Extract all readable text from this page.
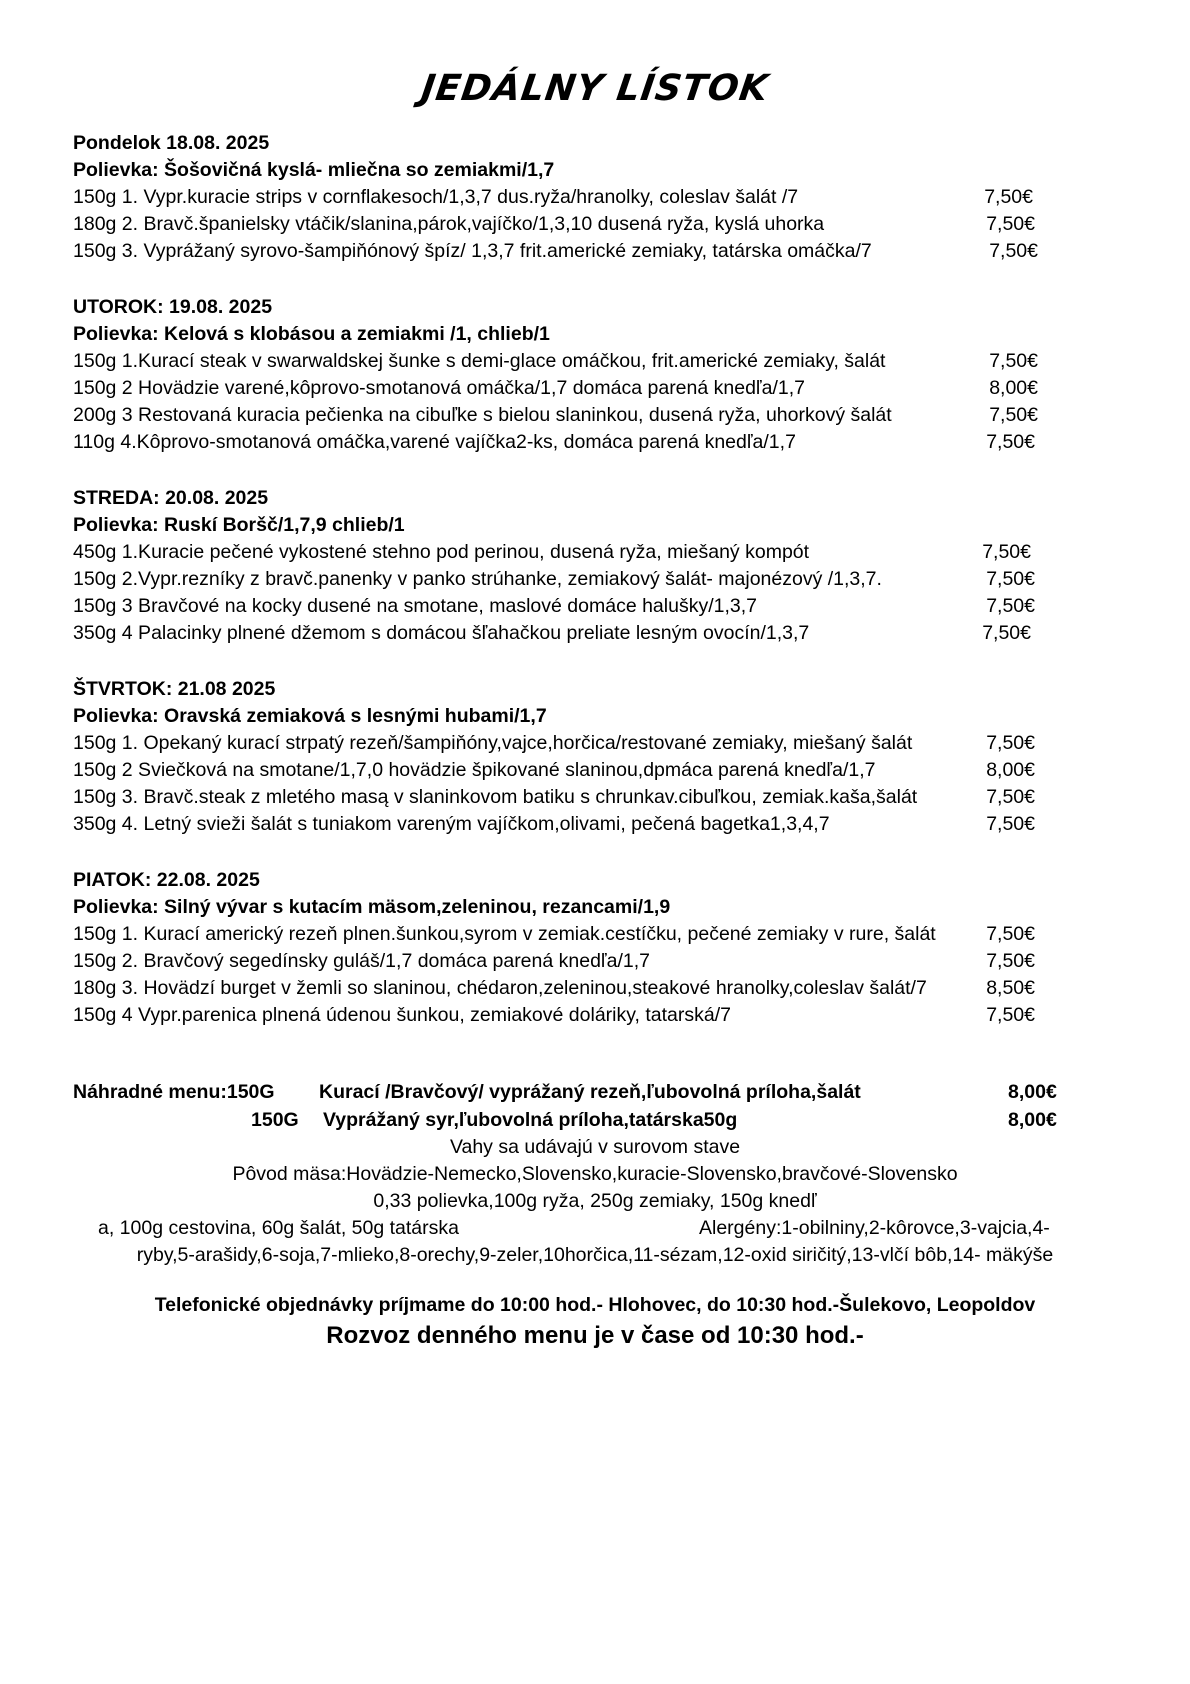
JEDÁLNY LÍSTOK
Pondelok 18.08. 2025
Polievka: Šošovičná kyslá- mliečna so zemiakmi/1,7
150g 1. Vypr.kuracie strips v cornflakesoch/1,3,7 dus.ryža/hranolky, coleslav šalát /7	7,50€
180g 2. Bravč.španielsky vtáčik/slanina,párok,vajíčko/1,3,10 dusená ryža, kyslá uhorka	7,50€
150g 3. Vyprážaný syrovo-šampiňónový špíz/ 1,3,7 frit.americké zemiaky, tatárska omáčka/7	7,50€
UTOROK: 19.08. 2025
Polievka: Kelová s klobásou a zemiakmi /1, chlieb/1
150g 1.Kurací steak v swarwaldskej šunke s demi-glace omáčkou, frit.americké zemiaky, šalát	7,50€
150g 2 Hovädzie varené,kôprovo-smotanová omáčka/1,7 domáca parená knedľa/1,7	8,00€
200g 3 Restovaná kuracia pečienka na cibuľke s bielou slaninkou, dusená ryža, uhorkový šalát	7,50€
110g 4.Kôprovo-smotanová omáčka,varené vajíčka2-ks, domáca parená knedľa/1,7	7,50€
STREDA: 20.08. 2025
Polievka: Ruskí Boršč/1,7,9 chlieb/1
450g 1.Kuracie pečené vykostené stehno pod perinou, dusená ryža, miešaný kompót	7,50€
150g 2.Vypr.rezníky z bravč.panenky v panko strúhanke, zemiakový šalát- majonézový /1,3,7.	7,50€
150g 3 Bravčové na kocky dusené na smotane, maslové domáce halušky/1,3,7	7,50€
350g 4 Palacinky plnené džemom s domácou šľahačkou preliate lesným ovocín/1,3,7	7,50€
ŠTVRTOK: 21.08 2025
Polievka: Oravská zemiaková s lesnými hubami/1,7
150g 1. Opekaný kurací strpatý rezeň/šampiňóny,vajce,horčica/restované zemiaky, miešaný šalát	7,50€
150g 2 Sviečková na smotane/1,7,0 hovädzie špikované slaninou,dpmáca parená knedľa/1,7	8,00€
150g 3. Bravč.steak z mletého masą v slaninkovom batiku s chrunkav.cibuľkou, zemiak.kaša,šalát	7,50€
350g 4. Letný svieži šalát s tuniakom vareným vajíčkom,olivami, pečená bagetka1,3,4,7	7,50€
PIATOK: 22.08. 2025
Polievka: Silný vývar s kutacím mäsom,zeleninou, rezancami/1,9
150g 1. Kurací americký rezeň plnen.šunkou,syrom v zemiak.cestíčku, pečené zemiaky v rure, šalát	7,50€
150g 2. Bravčový segedínsky guláš/1,7 domáca parená knedľa/1,7	7,50€
180g 3. Hovädzí burget v žemli so slaninou, chédaron,zeleninou,steakové hranolky,coleslav šalát/7	8,50€
150g 4 Vypr.parenica plnená údenou šunkou, zemiakové doláriky, tatarská/7	7,50€
Náhradné menu:150G Kurací /Bravčový/ vyprážaný rezeň,ľubovolná príloha,šalát	8,00€
150G Vyprážaný syr,ľubovolná príloha,tatárska50g	8,00€
Vahy sa udávajú v surovom stave
Pôvod mäsa:Hovädzie-Nemecko,Slovensko,kuracie-Slovensko,bravčové-Slovensko
0,33 polievka,100g ryža, 250g zemiaky, 150g knedľ
a, 100g cestovina, 60g šalát, 50g tatárska	Alergény:1-obilniny,2-kôrovce,3-vajcia,4-
ryby,5-arašidy,6-soja,7-mlieko,8-orechy,9-zeler,10horčica,11-sézam,12-oxid siričitý,13-vlčí bôb,14- mäkýše
Telefonické objednávky príjmame do 10:00 hod.- Hlohovec, do 10:30 hod.-Šulekovo, Leopoldov
Rozvoz denného menu je v čase od 10:30 hod.-
